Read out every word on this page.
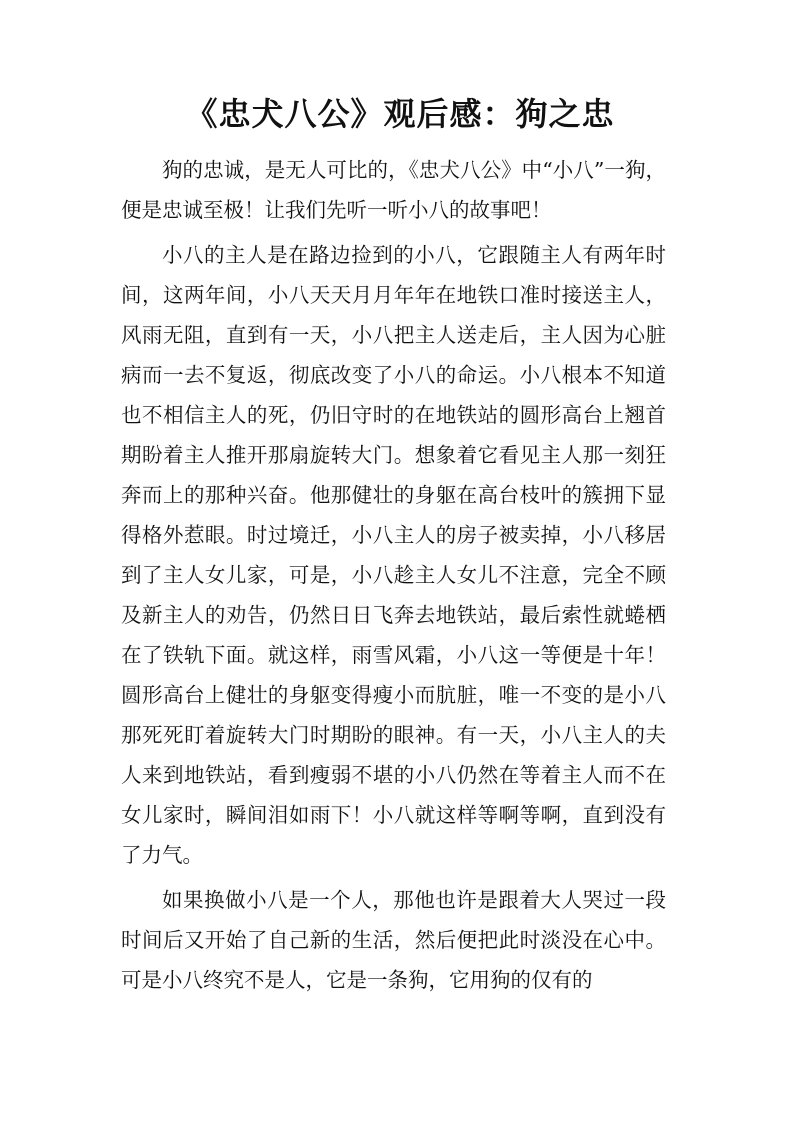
《忠犬八公》观后感：狗之忠

狗的忠诚，是无人可比的，《忠犬八公》中“小八”一狗，便是忠诚至极！让我们先听一听小八的故事吧！

小八的主人是在路边捡到的小八，它跟随主人有两年时间，这两年间，小八天天月月年年在地铁口准时接送主人，风雨无阻，直到有一天，小八把主人送走后，主人因为心脏病而一去不复返，彻底改变了小八的命运。小八根本不知道也不相信主人的死，仍旧守时的在地铁站的圆形高台上翘首期盼着主人推开那扇旋转大门。想象着它看见主人那一刻狂奔而上的那种兴奋。他那健壮的身躯在高台枝叶的簇拥下显得格外惹眼。时过境迁，小八主人的房子被卖掉，小八移居到了主人女儿家，可是，小八趁主人女儿不注意，完全不顾及新主人的劝告，仍然日日飞奔去地铁站，最后索性就蜷栖在了铁轨下面。就这样，雨雪风霜，小八这一等便是十年！圆形高台上健壮的身躯变得瘦小而肮脏，唯一不变的是小八那死死盯着旋转大门时期盼的眼神。有一天，小八主人的夫人来到地铁站，看到瘦弱不堪的小八仍然在等着主人而不在女儿家时，瞬间泪如雨下！小八就这样等啊等啊，直到没有了力气。

如果换做小八是一个人，那他也许是跟着大人哭过一段时间后又开始了自己新的生活，然后便把此时淡没在心中。可是小八终究不是人，它是一条狗，它用狗的仅有的
